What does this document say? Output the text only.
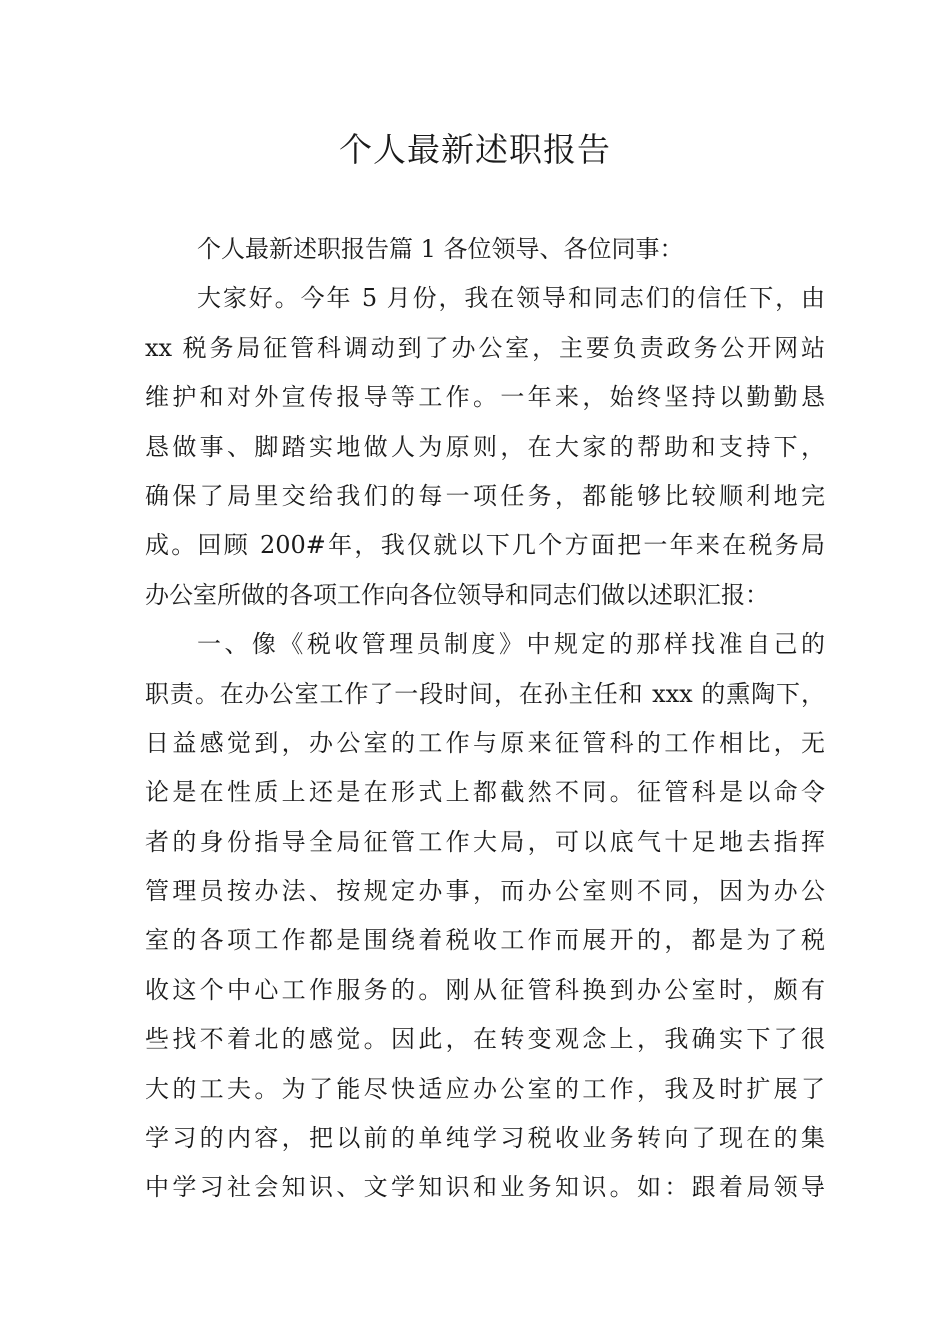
个人最新述职报告
个人最新述职报告篇 1 各位领导、各位同事：
大家好。今年 5 月份，我在领导和同志们的信任下，由
xx 税务局征管科调动到了办公室，主要负责政务公开网站
维护和对外宣传报导等工作。一年来，始终坚持以勤勤恳
恳做事、脚踏实地做人为原则，在大家的帮助和支持下，
确保了局里交给我们的每一项任务，都能够比较顺利地完
成。回顾 200#年，我仅就以下几个方面把一年来在税务局
办公室所做的各项工作向各位领导和同志们做以述职汇报：
一、像《税收管理员制度》中规定的那样找准自己的
职责。在办公室工作了一段时间，在孙主任和 xxx 的熏陶下，
日益感觉到，办公室的工作与原来征管科的工作相比，无
论是在性质上还是在形式上都截然不同。征管科是以命令
者的身份指导全局征管工作大局，可以底气十足地去指挥
管理员按办法、按规定办事，而办公室则不同，因为办公
室的各项工作都是围绕着税收工作而展开的，都是为了税
收这个中心工作服务的。刚从征管科换到办公室时，颇有
些找不着北的感觉。因此，在转变观念上，我确实下了很
大的工夫。为了能尽快适应办公室的工作，我及时扩展了
学习的内容，把以前的单纯学习税收业务转向了现在的集
中学习社会知识、文学知识和业务知识。如：跟着局领导
